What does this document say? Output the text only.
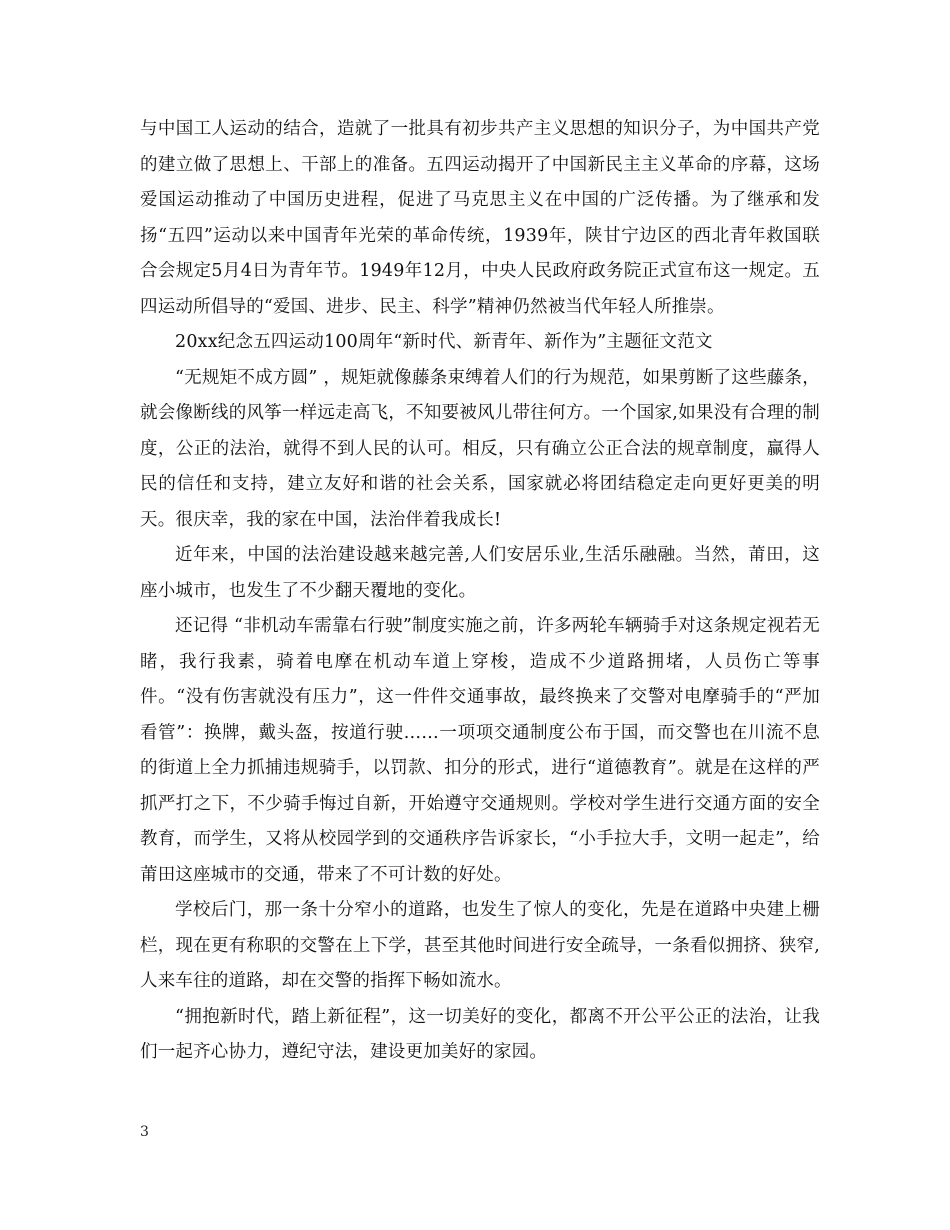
与中国工人运动的结合，造就了一批具有初步共产主义思想的知识分子，为中国共产党的建立做了思想上、干部上的准备。五四运动揭开了中国新民主主义革命的序幕，这场爱国运动推动了中国历史进程，促进了马克思主义在中国的广泛传播。为了继承和发扬“五四”运动以来中国青年光荣的革命传统，1939年，陕甘宁边区的西北青年救国联合会规定5月4日为青年节。1949年12月，中央人民政府政务院正式宣布这一规定。五四运动所倡导的“爱国、进步、民主、科学”精神仍然被当代年轻人所推崇。

20xx纪念五四运动100周年“新时代、新青年、新作为”主题征文范文

“无规矩不成方圆” ，规矩就像藤条束缚着人们的行为规范，如果剪断了这些藤条，就会像断线的风筝一样远走高飞，不知要被风儿带往何方。一个国家,如果没有合理的制度，公正的法治，就得不到人民的认可。相反，只有确立公正合法的规章制度，赢得人民的信任和支持，建立友好和谐的社会关系，国家就必将团结稳定走向更好更美的明天。很庆幸，我的家在中国，法治伴着我成长!

近年来，中国的法治建设越来越完善,人们安居乐业,生活乐融融。当然，莆田，这座小城市，也发生了不少翻天覆地的变化。

还记得 “非机动车需靠右行驶”制度实施之前，许多两轮车辆骑手对这条规定视若无睹，我行我素，骑着电摩在机动车道上穿梭，造成不少道路拥堵，人员伤亡等事件。“没有伤害就没有压力”，这一件件交通事故，最终换来了交警对电摩骑手的“严加看管”：换牌，戴头盔，按道行驶……一项项交通制度公布于国，而交警也在川流不息的街道上全力抓捕违规骑手，以罚款、扣分的形式，进行“道德教育”。就是在这样的严抓严打之下，不少骑手悔过自新，开始遵守交通规则。学校对学生进行交通方面的安全教育，而学生，又将从校园学到的交通秩序告诉家长，“小手拉大手，文明一起走”，给莆田这座城市的交通，带来了不可计数的好处。

学校后门，那一条十分窄小的道路，也发生了惊人的变化，先是在道路中央建上栅栏，现在更有称职的交警在上下学，甚至其他时间进行安全疏导，一条看似拥挤、狭窄,人来车往的道路，却在交警的指挥下畅如流水。

“拥抱新时代，踏上新征程”，这一切美好的变化，都离不开公平公正的法治，让我们一起齐心协力，遵纪守法，建设更加美好的家园。

3
